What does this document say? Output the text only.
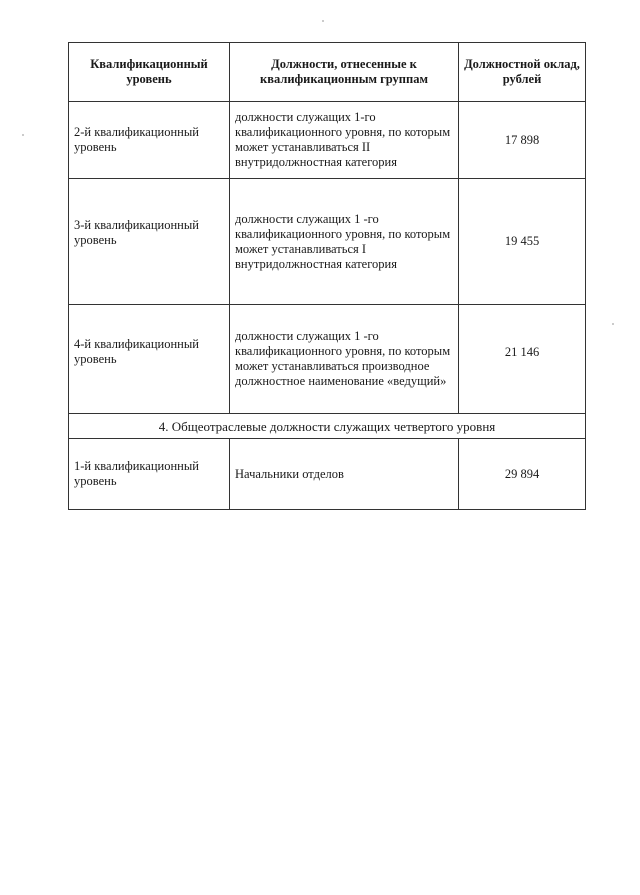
Квалификационный уровень	Должности, отнесенные к квалификационным группам	Должностной оклад, рублей
2-й квалификационный уровень	должности служащих 1-го квалификационного уровня, по которым может устанавливаться II внутридолжностная категория	17 898
3-й квалификационный уровень	должности служащих 1 -го квалификационного уровня, по которым может устанавливаться I внутридолжностная категория	19 455
4-й квалификационный уровень	должности служащих 1 -го квалификационного уровня, по которым может устанавливаться производное должностное наименование «ведущий»	21 146
4. Общеотраслевые должности служащих четвертого уровня		
1-й квалификационный уровень	Начальники отделов	29 894
